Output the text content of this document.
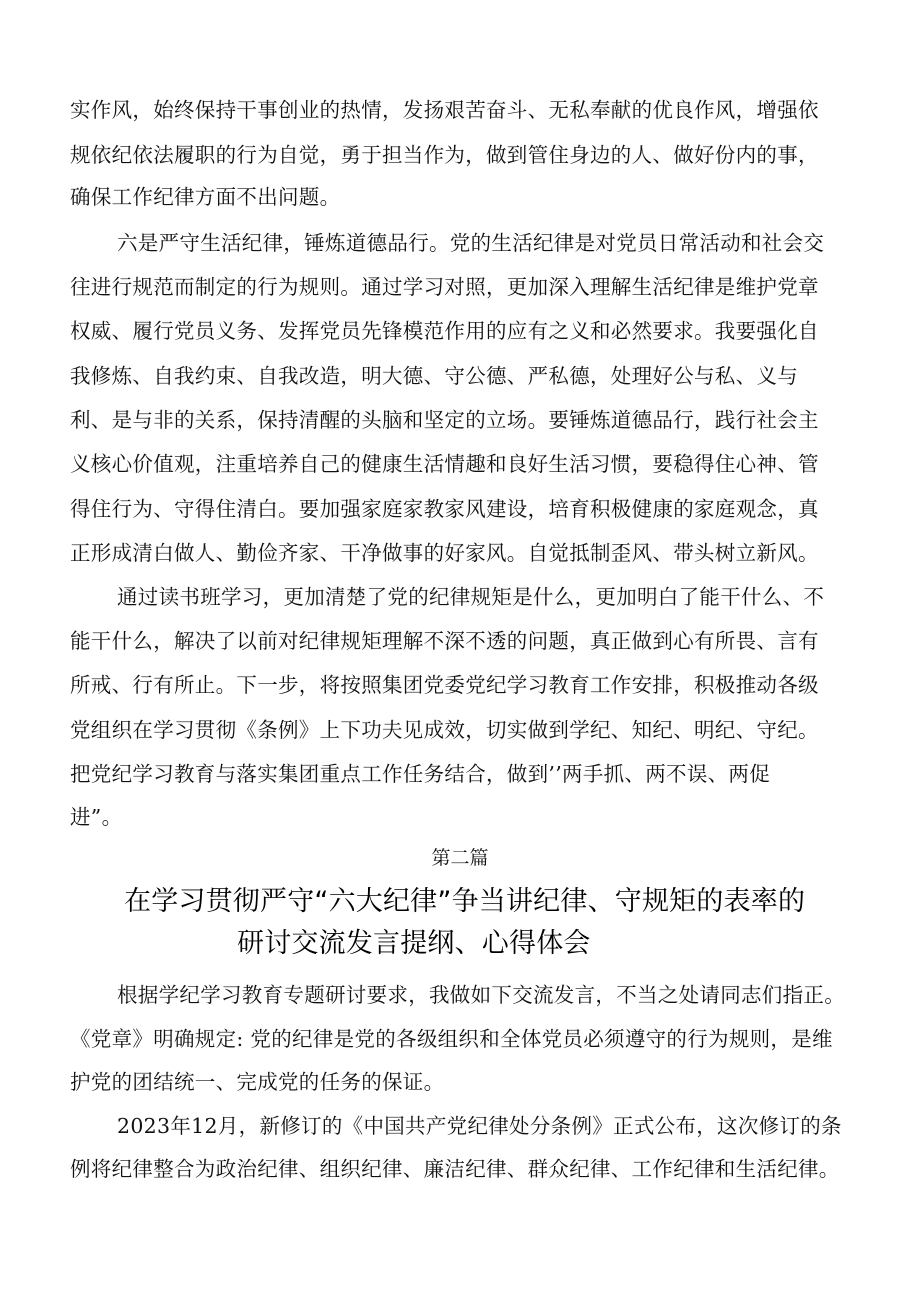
实作风，始终保持干事创业的热情，发扬艰苦奋斗、无私奉献的优良作风，增强依
规依纪依法履职的行为自觉，勇于担当作为，做到管住身边的人、做好份内的事，
确保工作纪律方面不出问题。
六是严守生活纪律，锤炼道德品行。党的生活纪律是对党员日常活动和社会交
往进行规范而制定的行为规则。通过学习对照，更加深入理解生活纪律是维护党章
权威、履行党员义务、发挥党员先锋模范作用的应有之义和必然要求。我要强化自
我修炼、自我约束、自我改造，明大德、守公德、严私德，处理好公与私、义与
利、是与非的关系，保持清醒的头脑和坚定的立场。要锤炼道德品行，践行社会主
义核心价值观，注重培养自己的健康生活情趣和良好生活习惯，要稳得住心神、管
得住行为、守得住清白。要加强家庭家教家风建设，培育积极健康的家庭观念，真
正形成清白做人、勤俭齐家、干净做事的好家风。自觉抵制歪风、带头树立新风。
通过读书班学习，更加清楚了党的纪律规矩是什么，更加明白了能干什么、不
能干什么，解决了以前对纪律规矩理解不深不透的问题，真正做到心有所畏、言有
所戒、行有所止。下一步，将按照集团党委党纪学习教育工作安排，积极推动各级
党组织在学习贯彻《条例》上下功夫见成效，切实做到学纪、知纪、明纪、守纪。
把党纪学习教育与落实集团重点工作任务结合，做到’’两手抓、两不误、两促
进”。
第二篇
在学习贯彻严守“六大纪律”争当讲纪律、守规矩的表率的
研讨交流发言提纲、心得体会
根据学纪学习教育专题研讨要求，我做如下交流发言，不当之处请同志们指正。
《党章》明确规定: 党的纪律是党的各级组织和全体党员必须遵守的行为规则，是维
护党的团结统一、完成党的任务的保证。
2023年12月，新修订的《中国共产党纪律处分条例》正式公布，这次修订的条
例将纪律整合为政治纪律、组织纪律、廉洁纪律、群众纪律、工作纪律和生活纪律。
